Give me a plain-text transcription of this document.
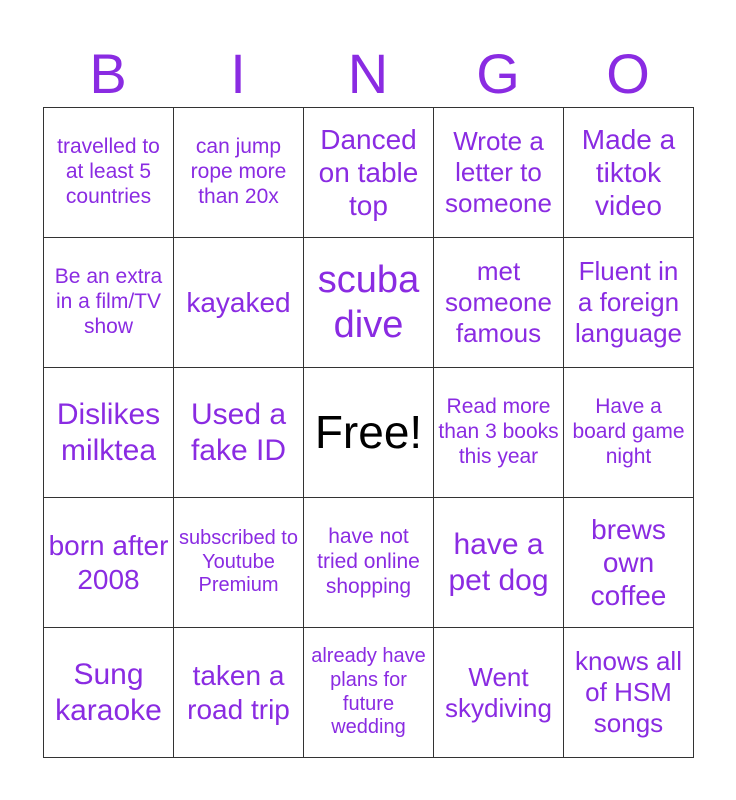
B	I	N	G	O
travelled to at least 5 countries	can jump rope more than 20x	Danced on table top	Wrote a letter to someone	Made a tiktok video
Be an extra in a film/TV show	kayaked	scuba dive	met someone famous	Fluent in a foreign language
Dislikes milktea	Used a fake ID	Free!	Read more than 3 books this year	Have a board game night
born after 2008	subscribed to Youtube Premium	have not tried online shopping	have a pet dog	brews own coffee
Sung karaoke	taken a road trip	already have plans for future wedding	Went skydiving	knows all of HSM songs
